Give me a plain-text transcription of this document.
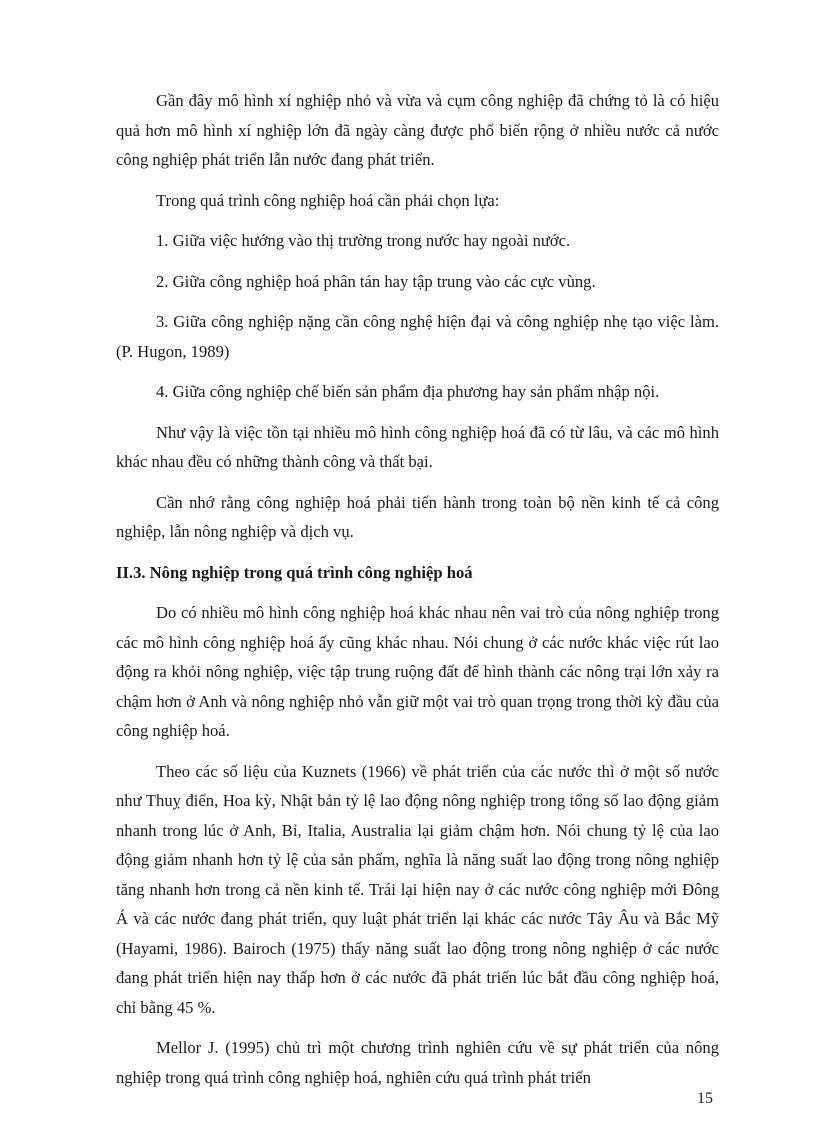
Gần đây mô hình xí nghiệp nhỏ và vừa và cụm công nghiệp đã chứng tỏ là có hiệu quả hơn mô hình xí nghiệp lớn đã ngày càng được phổ biến rộng ở nhiều nước cả nước công nghiệp phát triển lẫn nước đang phát triển.

Trong quá trình công nghiệp hoá cần phải chọn lựa:

1. Giữa việc hướng vào thị trường trong nước hay ngoài nước.

2. Giữa công nghiệp hoá phân tán hay tập trung vào các cực vùng.

3. Giữa công nghiệp nặng cần công nghệ hiện đại và công nghiệp nhẹ tạo việc làm. (P. Hugon, 1989)

4. Giữa công nghiệp chế biến sản phẩm địa phương hay sản phẩm nhập nội.

Như vậy là việc tồn tại nhiều mô hình công nghiệp hoá đã có từ lâu, và các mô hình khác nhau đều có những thành công và thất bại.

Cần nhớ rằng công nghiệp hoá phải tiến hành trong toàn bộ nền kinh tế cả công nghiệp, lẫn nông nghiệp và dịch vụ.

II.3. Nông nghiệp trong quá trình công nghiệp hoá

Do có nhiều mô hình công nghiệp hoá khác nhau nên vai trò của nông nghiệp trong các mô hình công nghiệp hoá ấy cũng khác nhau. Nói chung ở các nước khác việc rút lao động ra khỏi nông nghiệp, việc tập trung ruộng đất để hình thành các nông trại lớn xảy ra chậm hơn ở Anh và nông nghiệp nhỏ vẫn giữ một vai trò quan trọng trong thời kỳ đầu của công nghiệp hoá.

Theo các số liệu của Kuznets (1966) về phát triển của các nước thì ở một số nước như Thuỵ điển, Hoa kỳ, Nhật bản tỷ lệ lao động nông nghiệp trong tổng số lao động giảm nhanh trong lúc ở Anh, Bỉ, Italia, Australia lại giảm chậm hơn. Nói chung tỷ lệ của lao động giảm nhanh hơn tỷ lệ của sản phẩm, nghĩa là năng suất lao động trong nông nghiệp tăng nhanh hơn trong cả nền kinh tế. Trái lại hiện nay ở các nước công nghiệp mới Đông Á và các nước đang phát triển, quy luật phát triển lại khác các nước Tây Âu và Bắc Mỹ (Hayami, 1986). Bairoch (1975) thấy năng suất lao động trong nông nghiệp ở các nước đang phát triển hiện nay thấp hơn ở các nước đã phát triển lúc bắt đầu công nghiệp hoá, chỉ bằng 45 %.

Mellor J. (1995) chủ trì một chương trình nghiên cứu về sự phát triển của nông nghiệp trong quá trình công nghiệp hoá, nghiên cứu quá trình phát triển

15
